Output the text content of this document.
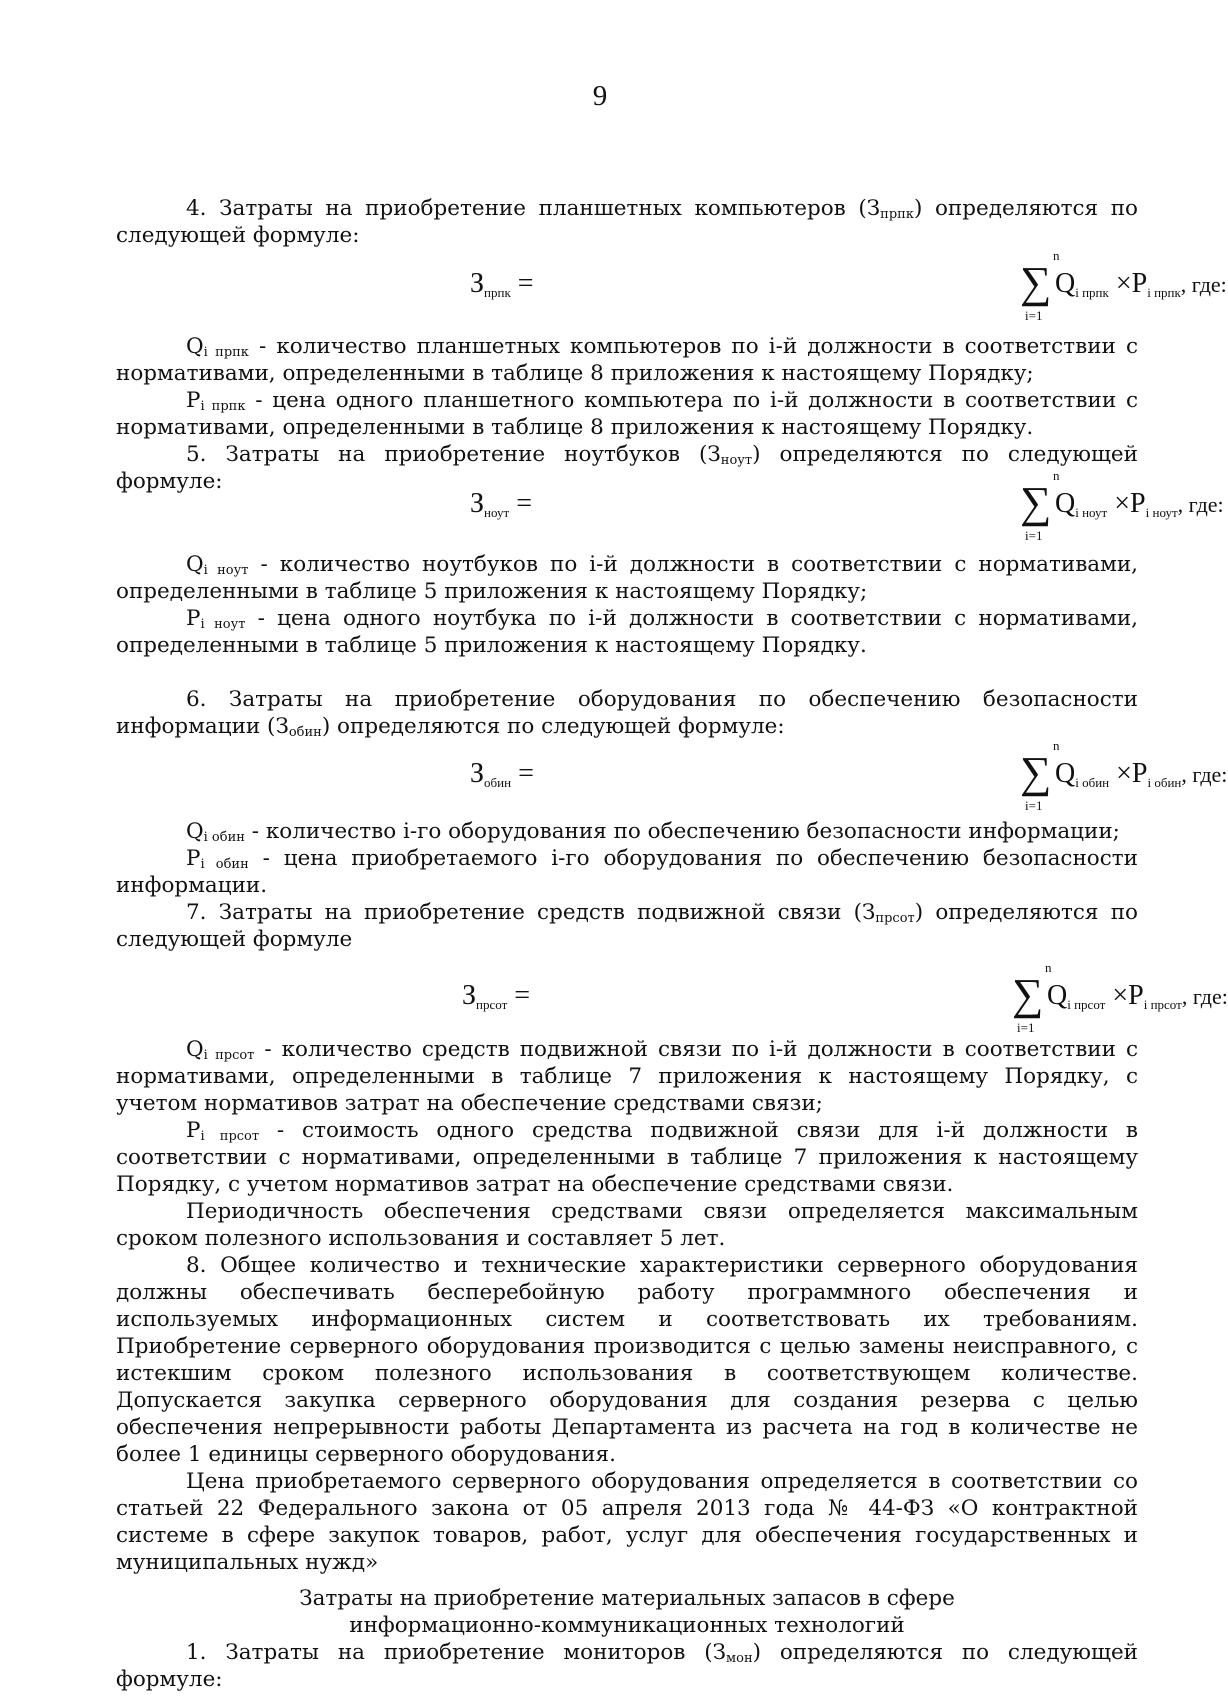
9

4. Затраты на приобретение планшетных компьютеров $(З_{прпк})$ определяются по следующей формуле:

Зпрпк =
n
∑
i=1
Qi прпк ×Pi прпк, где:

$Q_{i прпк}$ - количество планшетных компьютеров по i-й должности в соответствии с нормативами, определенными в таблице 8 приложения к настоящему Порядку;

$P_{i прпк}$ - цена одного планшетного компьютера по i-й должности в соответствии с нормативами, определенными в таблице 8 приложения к настоящему Порядку.

5. Затраты на приобретение ноутбуков $(З_{ноут})$ определяются по следующей формуле:

Зноут =
n
∑
i=1
Qi ноут ×Pi ноут, где:

$Q_{i ноут}$ - количество ноутбуков по i-й должности в соответствии с нормативами, определенными в таблице 5 приложения к настоящему Порядку;

$P_{i ноут}$ - цена одного ноутбука по i-й должности в соответствии с нормативами, определенными в таблице 5 приложения к настоящему Порядку.

6. Затраты на приобретение оборудования по обеспечению безопасности информации $(З_{обин})$ определяются по следующей формуле:

Зобин =
n
∑
i=1
Qi обин ×Pi обин, где:

$Q_{i обин}$ - количество i-го оборудования по обеспечению безопасности информации;

$P_{i обин}$ - цена приобретаемого i-го оборудования по обеспечению безопасности информации.

7. Затраты на приобретение средств подвижной связи $(З_{прсот})$ определяются по следующей формуле

Зпрсот =
n
∑
i=1
Qi прсот ×Pi прсот, где:

$Q_{i прсот}$ - количество средств подвижной связи по i-й должности в соответствии с нормативами, определенными в таблице 7 приложения к настоящему Порядку, с учетом нормативов затрат на обеспечение средствами связи;

$P_{i прсот}$ - стоимость одного средства подвижной связи для i-й должности в соответствии с нормативами, определенными в таблице 7 приложения к настоящему Порядку, с учетом нормативов затрат на обеспечение средствами связи.

Периодичность обеспечения средствами связи определяется максимальным сроком полезного использования и составляет 5 лет.

8. Общее количество и технические характеристики серверного оборудования должны обеспечивать бесперебойную работу программного обеспечения и используемых информационных систем и соответствовать их требованиям. Приобретение серверного оборудования производится с целью замены неисправного, с истекшим сроком полезного использования в соответствующем количестве. Допускается закупка серверного оборудования для создания резерва с целью обеспечения непрерывности работы Департамента из расчета на год в количестве не более 1 единицы серверного оборудования.

Цена приобретаемого серверного оборудования определяется в соответствии со статьей 22 Федерального закона от 05 апреля 2013 года № 44-ФЗ «О контрактной системе в сфере закупок товаров, работ, услуг для обеспечения государственных и муниципальных нужд»

Затраты на приобретение материальных запасов в сфере

информационно-коммуникационных технологий

1. Затраты на приобретение мониторов $(З_{мон})$ определяются по следующей формуле:
